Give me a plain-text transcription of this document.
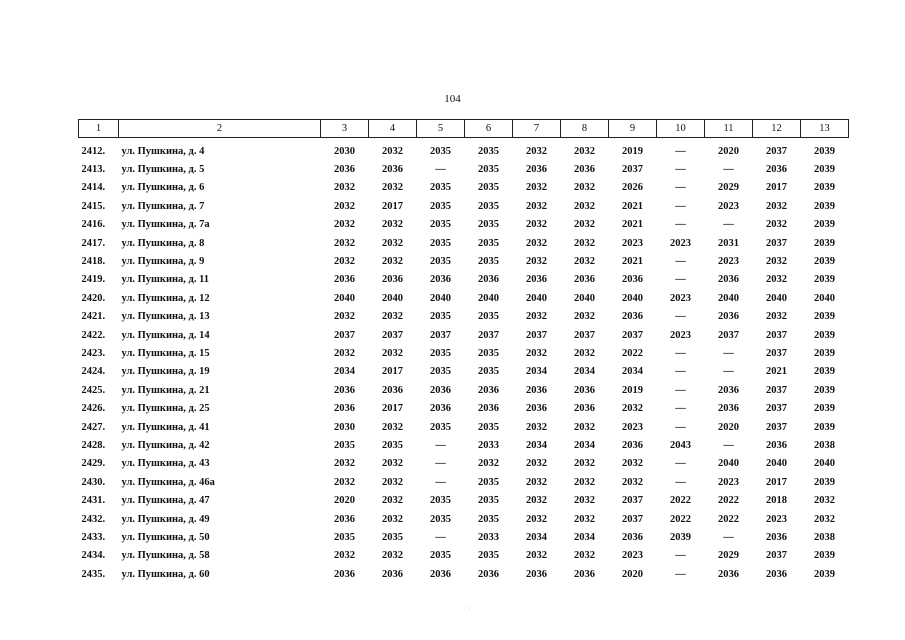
104
1	2	3	4	5	6	7	8	9	10	11	12	13

2412.	ул. Пушкина, д. 4	2030	2032	2035	2035	2032	2032	2019	—	2020	2037	2039
2413.	ул. Пушкина, д. 5	2036	2036	—	2035	2036	2036	2037	—	—	2036	2039
2414.	ул. Пушкина, д. 6	2032	2032	2035	2035	2032	2032	2026	—	2029	2017	2039
2415.	ул. Пушкина, д. 7	2032	2017	2035	2035	2032	2032	2021	—	2023	2032	2039
2416.	ул. Пушкина, д. 7а	2032	2032	2035	2035	2032	2032	2021	—	—	2032	2039
2417.	ул. Пушкина, д. 8	2032	2032	2035	2035	2032	2032	2023	2023	2031	2037	2039
2418.	ул. Пушкина, д. 9	2032	2032	2035	2035	2032	2032	2021	—	2023	2032	2039
2419.	ул. Пушкина, д. 11	2036	2036	2036	2036	2036	2036	2036	—	2036	2032	2039
2420.	ул. Пушкина, д. 12	2040	2040	2040	2040	2040	2040	2040	2023	2040	2040	2040
2421.	ул. Пушкина, д. 13	2032	2032	2035	2035	2032	2032	2036	—	2036	2032	2039
2422.	ул. Пушкина, д. 14	2037	2037	2037	2037	2037	2037	2037	2023	2037	2037	2039
2423.	ул. Пушкина, д. 15	2032	2032	2035	2035	2032	2032	2022	—	—	2037	2039
2424.	ул. Пушкина, д. 19	2034	2017	2035	2035	2034	2034	2034	—	—	2021	2039
2425.	ул. Пушкина, д. 21	2036	2036	2036	2036	2036	2036	2019	—	2036	2037	2039
2426.	ул. Пушкина, д. 25	2036	2017	2036	2036	2036	2036	2032	—	2036	2037	2039
2427.	ул. Пушкина, д. 41	2030	2032	2035	2035	2032	2032	2023	—	2020	2037	2039
2428.	ул. Пушкина, д. 42	2035	2035	—	2033	2034	2034	2036	2043	—	2036	2038
2429.	ул. Пушкина, д. 43	2032	2032	—	2032	2032	2032	2032	—	2040	2040	2040
2430.	ул. Пушкина, д. 46а	2032	2032	—	2035	2032	2032	2032	—	2023	2017	2039
2431.	ул. Пушкина, д. 47	2020	2032	2035	2035	2032	2032	2037	2022	2022	2018	2032
2432.	ул. Пушкина, д. 49	2036	2032	2035	2035	2032	2032	2037	2022	2022	2023	2032
2433.	ул. Пушкина, д. 50	2035	2035	—	2033	2034	2034	2036	2039	—	2036	2038
2434.	ул. Пушкина, д. 58	2032	2032	2035	2035	2032	2032	2023	—	2029	2037	2039
2435.	ул. Пушкина, д. 60	2036	2036	2036	2036	2036	2036	2020	—	2036	2036	2039
·
